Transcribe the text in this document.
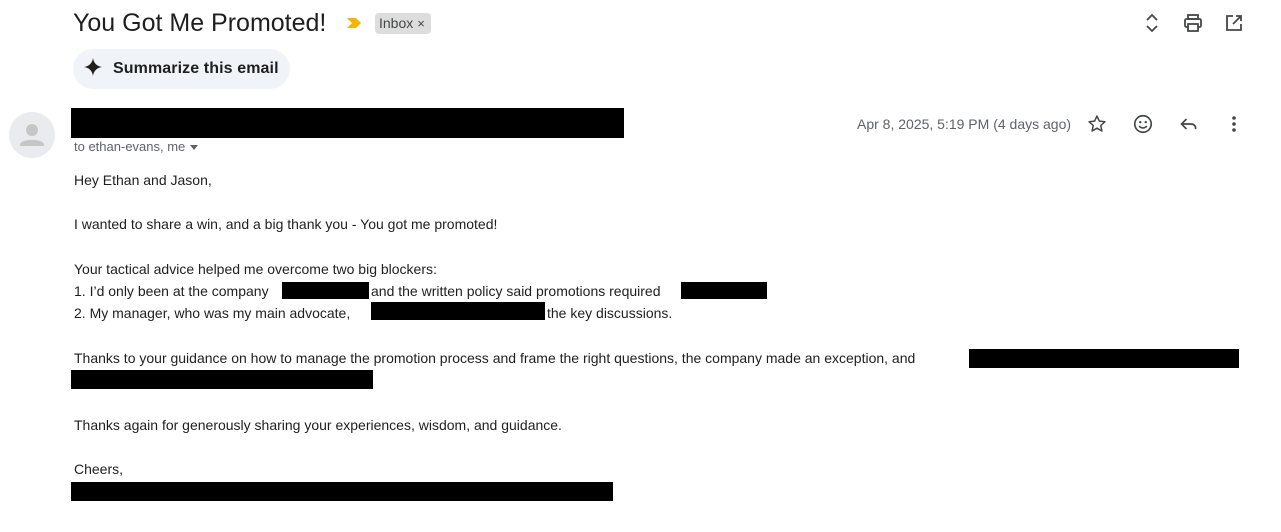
You Got Me Promoted!	Inbox ×
Summarize this email
to ethan-evans, me
Apr 8, 2025, 5:19 PM (4 days ago)
Hey Ethan and Jason,
I wanted to share a win, and a big thank you - You got me promoted!
Your tactical advice helped me overcome two big blockers:
1. I’d only been at the company	and the written policy said promotions required
2. My manager, who was my main advocate,	the key discussions.
Thanks to your guidance on how to manage the promotion process and frame the right questions, the company made an exception, and
Thanks again for generously sharing your experiences, wisdom, and guidance.
Cheers,
